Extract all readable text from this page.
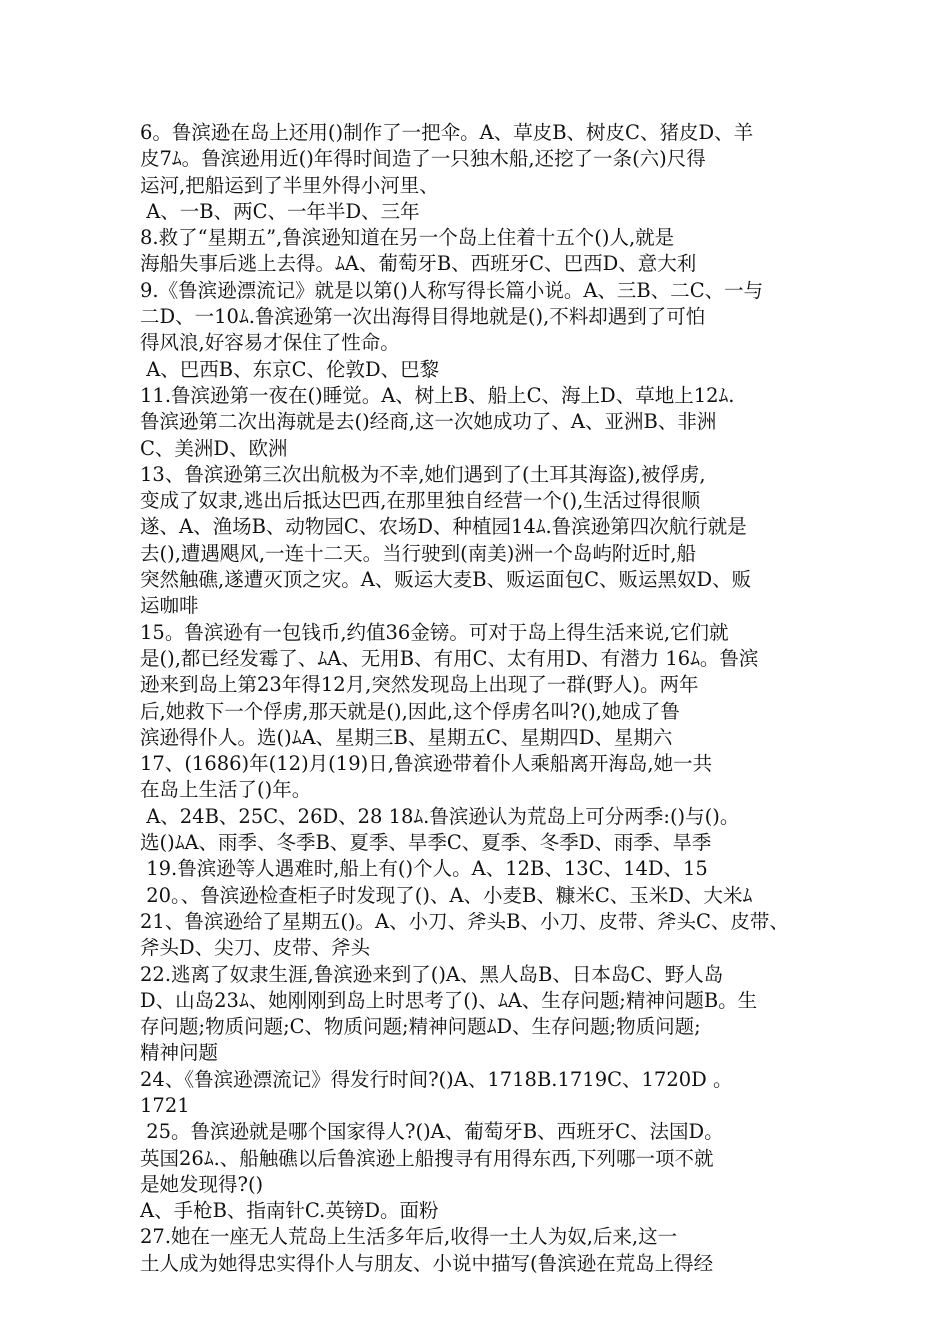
6。鲁滨逊在岛上还用()制作了一把伞。A、草皮B、树皮C、猪皮D、羊
皮7ﾑ。鲁滨逊用近()年得时间造了一只独木船,还挖了一条(六)尺得
运河,把船运到了半里外得小河里、
A、一B、两C、一年半D、三年
8.救了“星期五”,鲁滨逊知道在另一个岛上住着十五个()人,就是
海船失事后逃上去得。ﾑA、葡萄牙B、西班牙C、巴西D、意大利
9.《鲁滨逊漂流记》就是以第()人称写得长篇小说。A、三B、二C、一与
二D、一10ﾑ.鲁滨逊第一次出海得目得地就是(),不料却遇到了可怕
得风浪,好容易才保住了性命。
A、巴西B、东京C、伦敦D、巴黎
11.鲁滨逊第一夜在()睡觉。A、树上B、船上C、海上D、草地上12ﾑ.
鲁滨逊第二次出海就是去()经商,这一次她成功了、A、亚洲B、非洲
C、美洲D、欧洲
13、鲁滨逊第三次出航极为不幸,她们遇到了(土耳其海盗),被俘虏,
变成了奴隶,逃出后抵达巴西,在那里独自经营一个(),生活过得很顺
遂、A、渔场B、动物园C、农场D、种植园14ﾑ.鲁滨逊第四次航行就是
去(),遭遇飓风,一连十二天。当行驶到(南美)洲一个岛屿附近时,船
突然触礁,遂遭灭顶之灾。A、贩运大麦B、贩运面包C、贩运黑奴D、贩
运咖啡
15。鲁滨逊有一包钱币,约值36金镑。可对于岛上得生活来说,它们就
是(),都已经发霉了、ﾑA、无用B、有用C、太有用D、有潜力 16ﾑ。鲁滨
逊来到岛上第23年得12月,突然发现岛上出现了一群(野人)。两年
后,她救下一个俘虏,那天就是(),因此,这个俘虏名叫?(),她成了鲁
滨逊得仆人。选()ﾑA、星期三B、星期五C、星期四D、星期六
17、(1686)年(12)月(19)日,鲁滨逊带着仆人乘船离开海岛,她一共
在岛上生活了()年。
A、24B、25C、26D、28 18ﾑ.鲁滨逊认为荒岛上可分两季:()与()。
选()ﾑA、雨季、冬季B、夏季、旱季C、夏季、冬季D、雨季、旱季
19.鲁滨逊等人遇难时,船上有()个人。A、12B、13C、14D、15
20。、鲁滨逊检查柜子时发现了()、A、小麦B、糠米C、玉米D、大米ﾑ
21、鲁滨逊给了星期五()。A、小刀、斧头B、小刀、皮带、斧头C、皮带、
斧头D、尖刀、皮带、斧头
22.逃离了奴隶生涯,鲁滨逊来到了()A、黑人岛B、日本岛C、野人岛
D、山岛23ﾑ、她刚刚到岛上时思考了()、ﾑA、生存问题;精神问题B。生
存问题;物质问题;C、物质问题;精神问题ﾑD、生存问题;物质问题;
精神问题
24、《鲁滨逊漂流记》得发行时间?()A、1718B.1719C、1720D 。
1721
25。鲁滨逊就是哪个国家得人?()A、葡萄牙B、西班牙C、法国D。
英国26ﾑ.、船触礁以后鲁滨逊上船搜寻有用得东西,下列哪一项不就
是她发现得?()
A、手枪B、指南针C.英镑D。面粉
27.她在一座无人荒岛上生活多年后,收得一土人为奴,后来,这一
土人成为她得忠实得仆人与朋友、小说中描写(鲁滨逊在荒岛上得经
